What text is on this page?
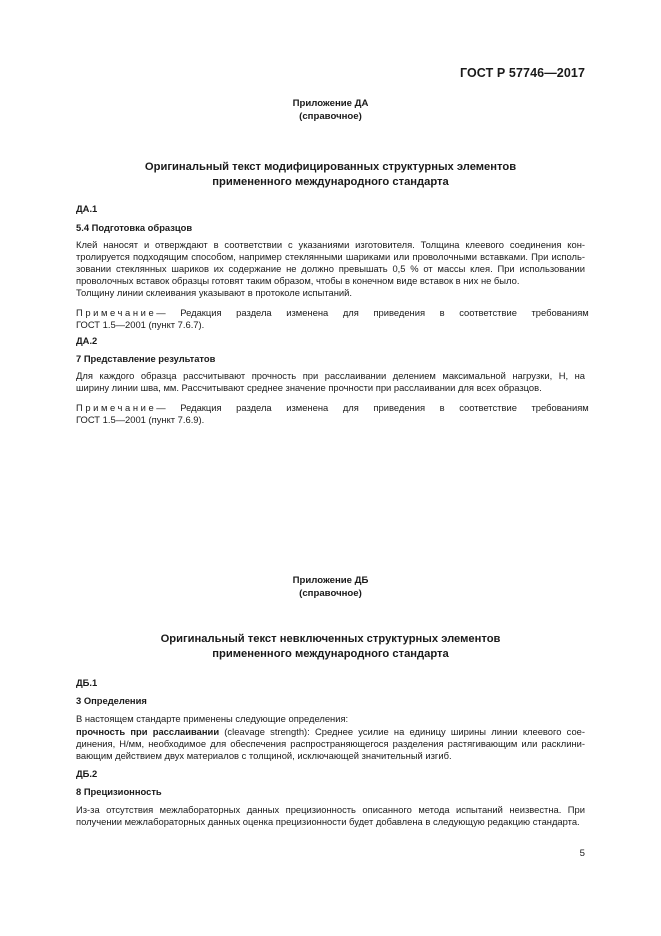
ГОСТ Р 57746—2017
Приложение ДА
(справочное)
Оригинальный текст модифицированных структурных элементов
примененного международного стандарта
ДА.1
5.4 Подготовка образцов
Клей наносят и отверждают в соответствии с указаниями изготовителя. Толщина клеевого соединения кон-
тролируется подходящим способом, например стеклянными шариками или проволочными вставками. При исполь-
зовании стеклянных шариков их содержание не должно превышать 0,5 % от массы клея. При использовании
проволочных вставок образцы готовят таким образом, чтобы в конечном виде вставок в них не было.
Толщину линии склеивания указывают в протоколе испытаний.
Примечание— Редакция раздела изменена для приведения в соответствие требованиям
ГОСТ 1.5—2001 (пункт 7.6.7).
ДА.2
7 Представление результатов
Для каждого образца рассчитывают прочность при расслаивании делением максимальной нагрузки, Н, на
ширину линии шва, мм. Рассчитывают среднее значение прочности при расслаивании для всех образцов.
Примечание— Редакция раздела изменена для приведения в соответствие требованиям
ГОСТ 1.5—2001 (пункт 7.6.9).
Приложение ДБ
(справочное)
Оригинальный текст невключенных структурных элементов
примененного международного стандарта
ДБ.1
3 Определения
В настоящем стандарте применены следующие определения:
прочность при расслаивании (cleavage strength): Среднее усилие на единицу ширины линии клеевого сое-
динения, Н/мм, необходимое для обеспечения распространяющегося разделения растягивающим или расклини-
вающим действием двух материалов с толщиной, исключающей значительный изгиб.
ДБ.2
8 Прецизионность
Из-за отсутствия межлабораторных данных прецизионность описанного метода испытаний неизвестна. При
получении межлабораторных данных оценка прецизионности будет добавлена в следующую редакцию стандарта.
5
